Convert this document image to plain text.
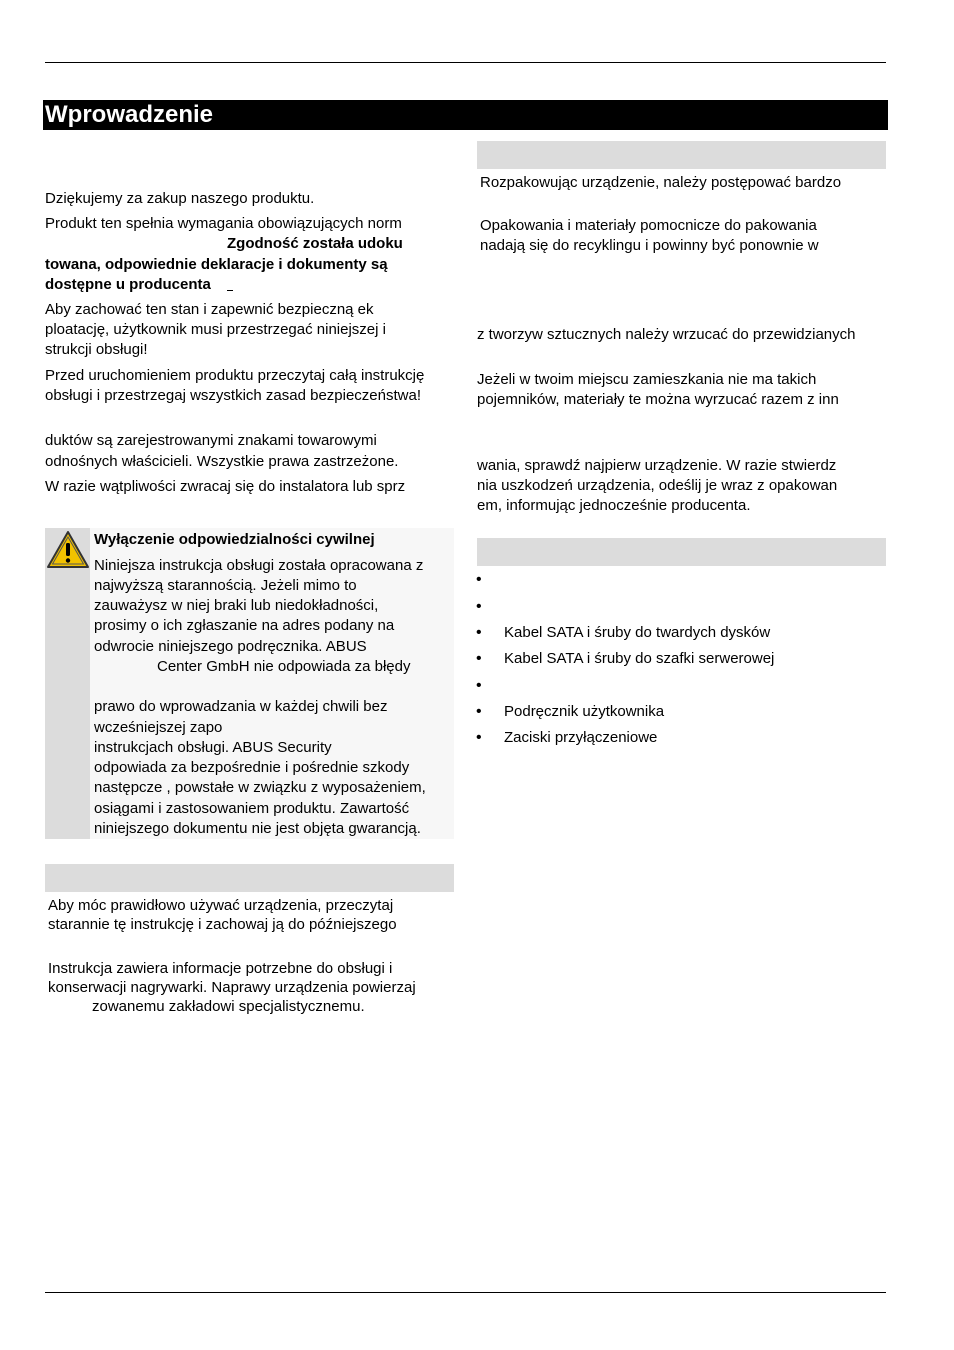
Wprowadzenie
Dziękujemy za zakup naszego produktu.
Produkt ten spełnia wymagania obowiązujących norm
Zgodność została udoku
towana, odpowiednie deklaracje i dokumenty są
dostępne u producenta
Aby zachować ten stan i zapewnić bezpieczną ek
ploatację, użytkownik musi przestrzegać niniejszej i
strukcji obsługi!
Przed uruchomieniem produktu przeczytaj całą instrukcję
obsługi i przestrzegaj wszystkich zasad bezpieczeństwa!
duktów są zarejestrowanymi znakami towarowymi
odnośnych właścicieli. Wszystkie prawa zastrzeżone.
W razie wątpliwości zwracaj się do instalatora lub sprz
Wyłączenie odpowiedzialności cywilnej
Niniejsza instrukcja obsługi została opracowana z
najwyższą starannością. Jeżeli mimo to
zauważysz w niej braki lub niedokładności,
prosimy o ich zgłaszanie na adres podany na
odwrocie niniejszego podręcznika. ABUS
Center GmbH nie odpowiada za błędy
prawo do wprowadzania w każdej chwili bez
wcześniejszej zapo
instrukcjach obsługi. ABUS Security
odpowiada za bezpośrednie i pośrednie szkody
następcze , powstałe w związku z wyposażeniem,
osiągami i zastosowaniem produktu. Zawartość
niniejszego dokumentu nie jest objęta gwarancją.
Aby móc prawidłowo używać urządzenia, przeczytaj
starannie tę instrukcję i zachowaj ją do późniejszego
Instrukcja zawiera informacje potrzebne do obsługi i
konserwacji nagrywarki. Naprawy urządzenia powierzaj
zowanemu zakładowi specjalistycznemu.
Rozpakowując urządzenie, należy postępować bardzo
Opakowania i materiały pomocnicze do pakowania
nadają się do recyklingu i powinny być ponownie w
z tworzyw sztucznych należy wrzucać do przewidzianych
Jeżeli w twoim miejscu zamieszkania nie ma takich
pojemników, materiały te można wyrzucać razem z inn
wania, sprawdź najpierw urządzenie. W razie stwierdz
nia uszkodzeń urządzenia, odeślij je wraz z opakowan
em, informując jednocześnie producenta.
•
•
• Kabel SATA i śruby do twardych dysków
• Kabel SATA i śruby do szafki serwerowej
•
• Podręcznik użytkownika
• Zaciski przyłączeniowe
